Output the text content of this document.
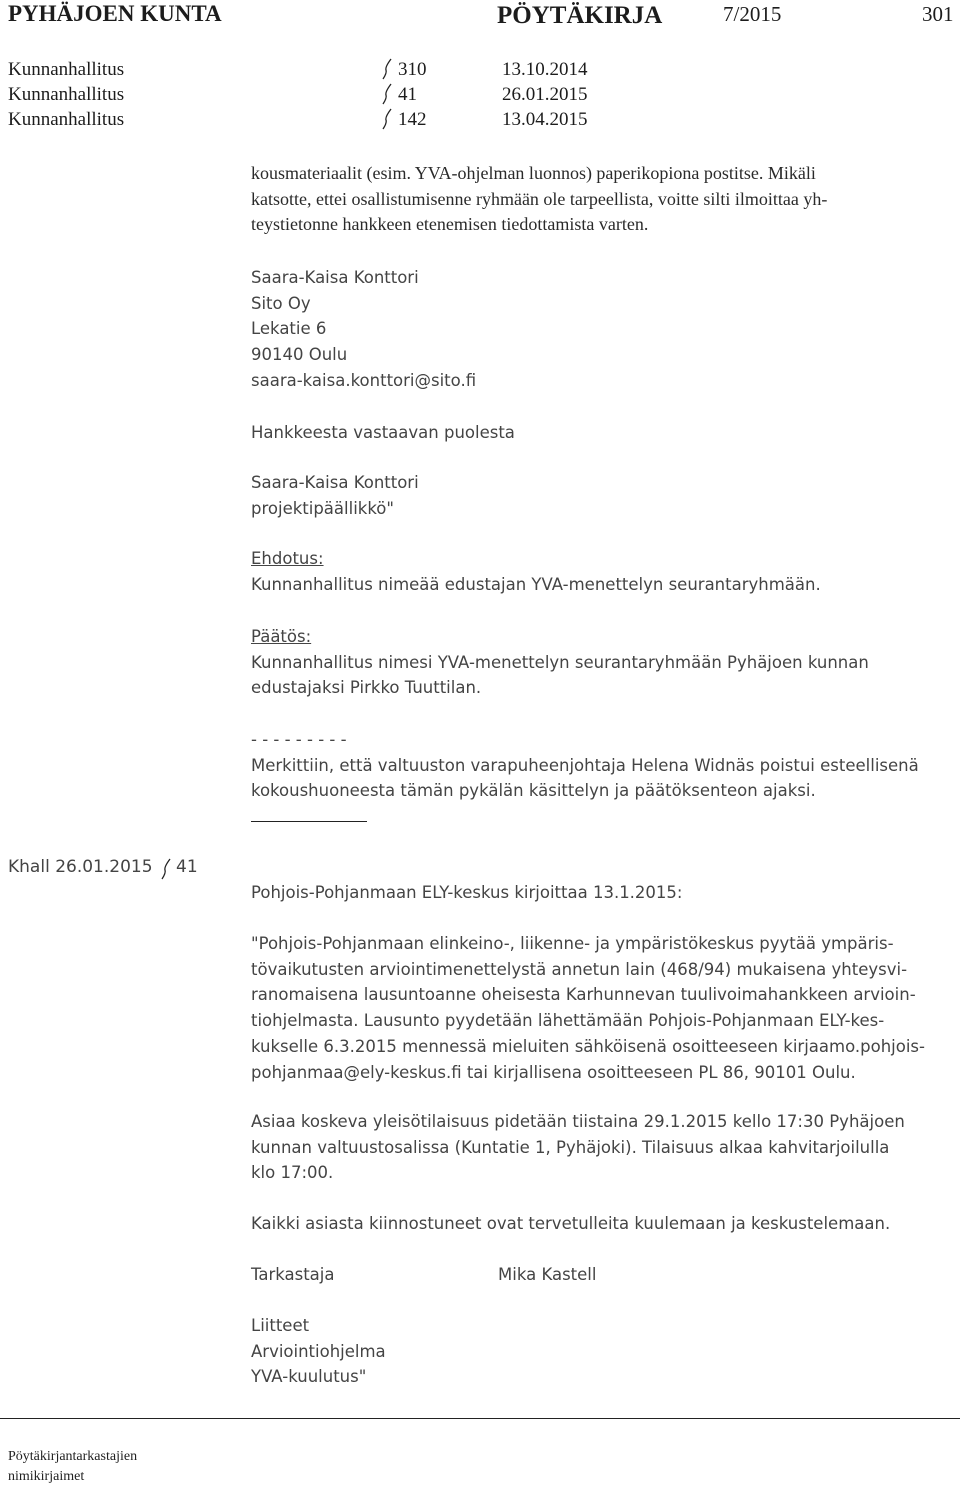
PYHÄJOEN KUNTA	PÖYTÄKIRJA	7/2015	301
Kunnanhallitus	310	13.10.2014
Kunnanhallitus	41	26.01.2015
Kunnanhallitus	142	13.04.2015

kousmateriaalit (esim. YVA-ohjelman luonnos) paperikopiona postitse. Mikäli

katsotte, ettei osallistumisenne ryhmään ole tarpeellista, voitte silti ilmoittaa yh-

teystietonne hankkeen etenemisen tiedottamista varten.

Saara-Kaisa Konttori

Sito Oy

Lekatie 6

90140 Oulu

saara-kaisa.konttori@sito.fi

Hankkeesta vastaavan puolesta

Saara-Kaisa Konttori

projektipäällikkö"

Ehdotus:

Kunnanhallitus nimeää edustajan YVA-menettelyn seurantaryhmään.

Päätös:

Kunnanhallitus nimesi YVA-menettelyn seurantaryhmään Pyhäjoen kunnan

edustajaksi Pirkko Tuuttilan.

- - - - - - - - -

Merkittiin, että valtuuston varapuheenjohtaja Helena Widnäs poistui esteellisenä

kokoushuoneesta tämän pykälän käsittelyn ja päätöksenteon ajaksi.

Khall 26.01.2015 41

Pohjois-Pohjanmaan ELY-keskus kirjoittaa 13.1.2015:

"Pohjois-Pohjanmaan elinkeino-, liikenne- ja ympäristökeskus pyytää ympäris-

tövaikutusten arviointimenettelystä annetun lain (468/94) mukaisena yhteysvi-

ranomaisena lausuntoanne oheisesta Karhunnevan tuulivoimahankkeen arvioin-

tiohjelmasta. Lausunto pyydetään lähettämään Pohjois-Pohjanmaan ELY-kes-

kukselle 6.3.2015 mennessä mieluiten sähköisenä osoitteeseen kirjaamo.pohjois-

pohjanmaa@ely-keskus.fi tai kirjallisena osoitteeseen PL 86, 90101 Oulu.

Asiaa koskeva yleisötilaisuus pidetään tiistaina 29.1.2015 kello 17:30 Pyhäjoen

kunnan valtuustosalissa (Kuntatie 1, Pyhäjoki). Tilaisuus alkaa kahvitarjoilulla

klo 17:00.

Kaikki asiasta kiinnostuneet ovat tervetulleita kuulemaan ja keskustelemaan.

Tarkastaja	Mika Kastell

Liitteet

Arviointiohjelma

YVA-kuulutus"

Pöytäkirjantarkastajien
nimikirjaimet
